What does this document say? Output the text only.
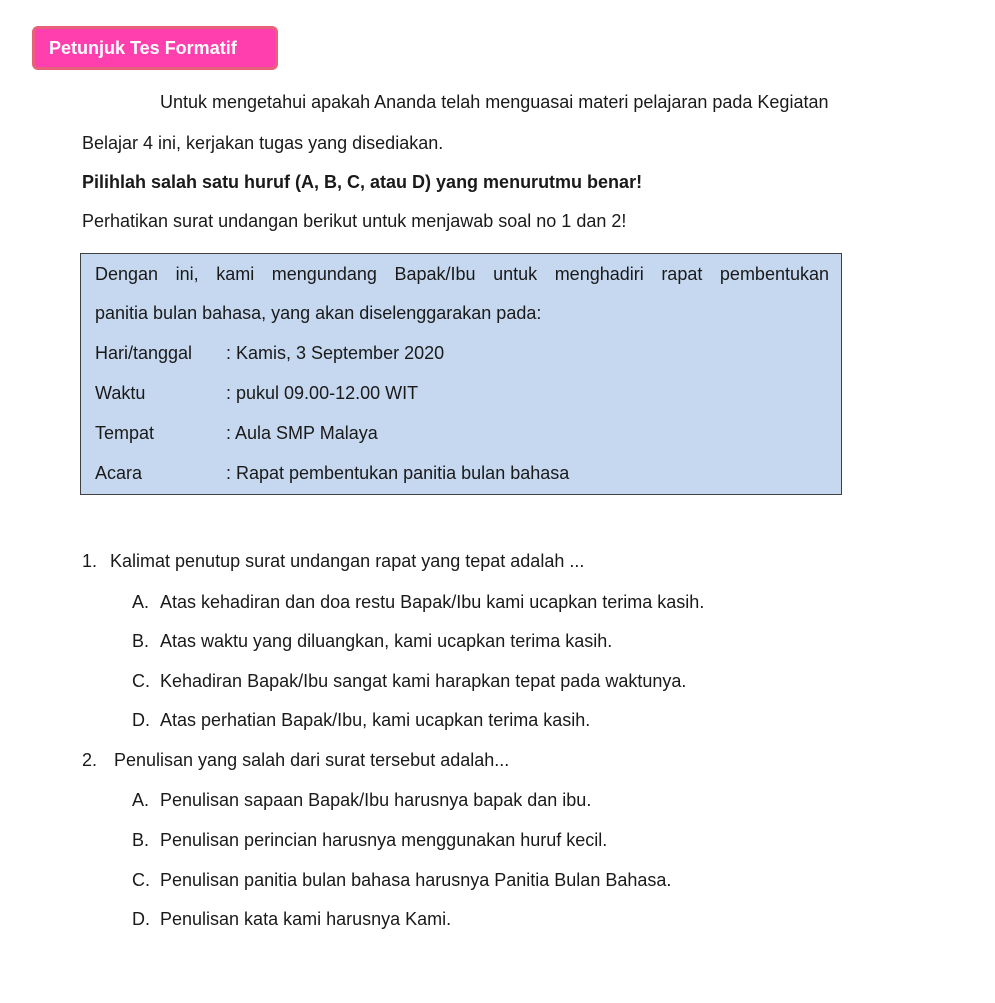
Petunjuk Tes Formatif
Untuk mengetahui apakah Ananda telah menguasai materi pelajaran pada Kegiatan
Belajar 4 ini, kerjakan tugas yang disediakan.
Pilihlah salah satu huruf (A, B, C, atau D) yang menurutmu benar!
Perhatikan surat undangan berikut untuk menjawab soal no 1 dan 2!
Dengan ini, kami mengundang Bapak/Ibu untuk menghadiri rapat pembentukan
panitia bulan bahasa, yang akan diselenggarakan pada:
Hari/tanggal : Kamis, 3 September 2020
Waktu	: pukul 09.00-12.00 WIT
Tempat	: Aula SMP Malaya
Acara	: Rapat pembentukan panitia bulan bahasa
1. Kalimat penutup surat undangan rapat yang tepat adalah ...
A. Atas kehadiran dan doa restu Bapak/Ibu kami ucapkan terima kasih.
B. Atas waktu yang diluangkan, kami ucapkan terima kasih.
C. Kehadiran Bapak/Ibu sangat kami harapkan tepat pada waktunya.
D. Atas perhatian Bapak/Ibu, kami ucapkan terima kasih.
2. Penulisan yang salah dari surat tersebut adalah...
A. Penulisan sapaan Bapak/Ibu harusnya bapak dan ibu.
B. Penulisan perincian harusnya menggunakan huruf kecil.
C. Penulisan panitia bulan bahasa harusnya Panitia Bulan Bahasa.
D. Penulisan kata kami harusnya Kami.
